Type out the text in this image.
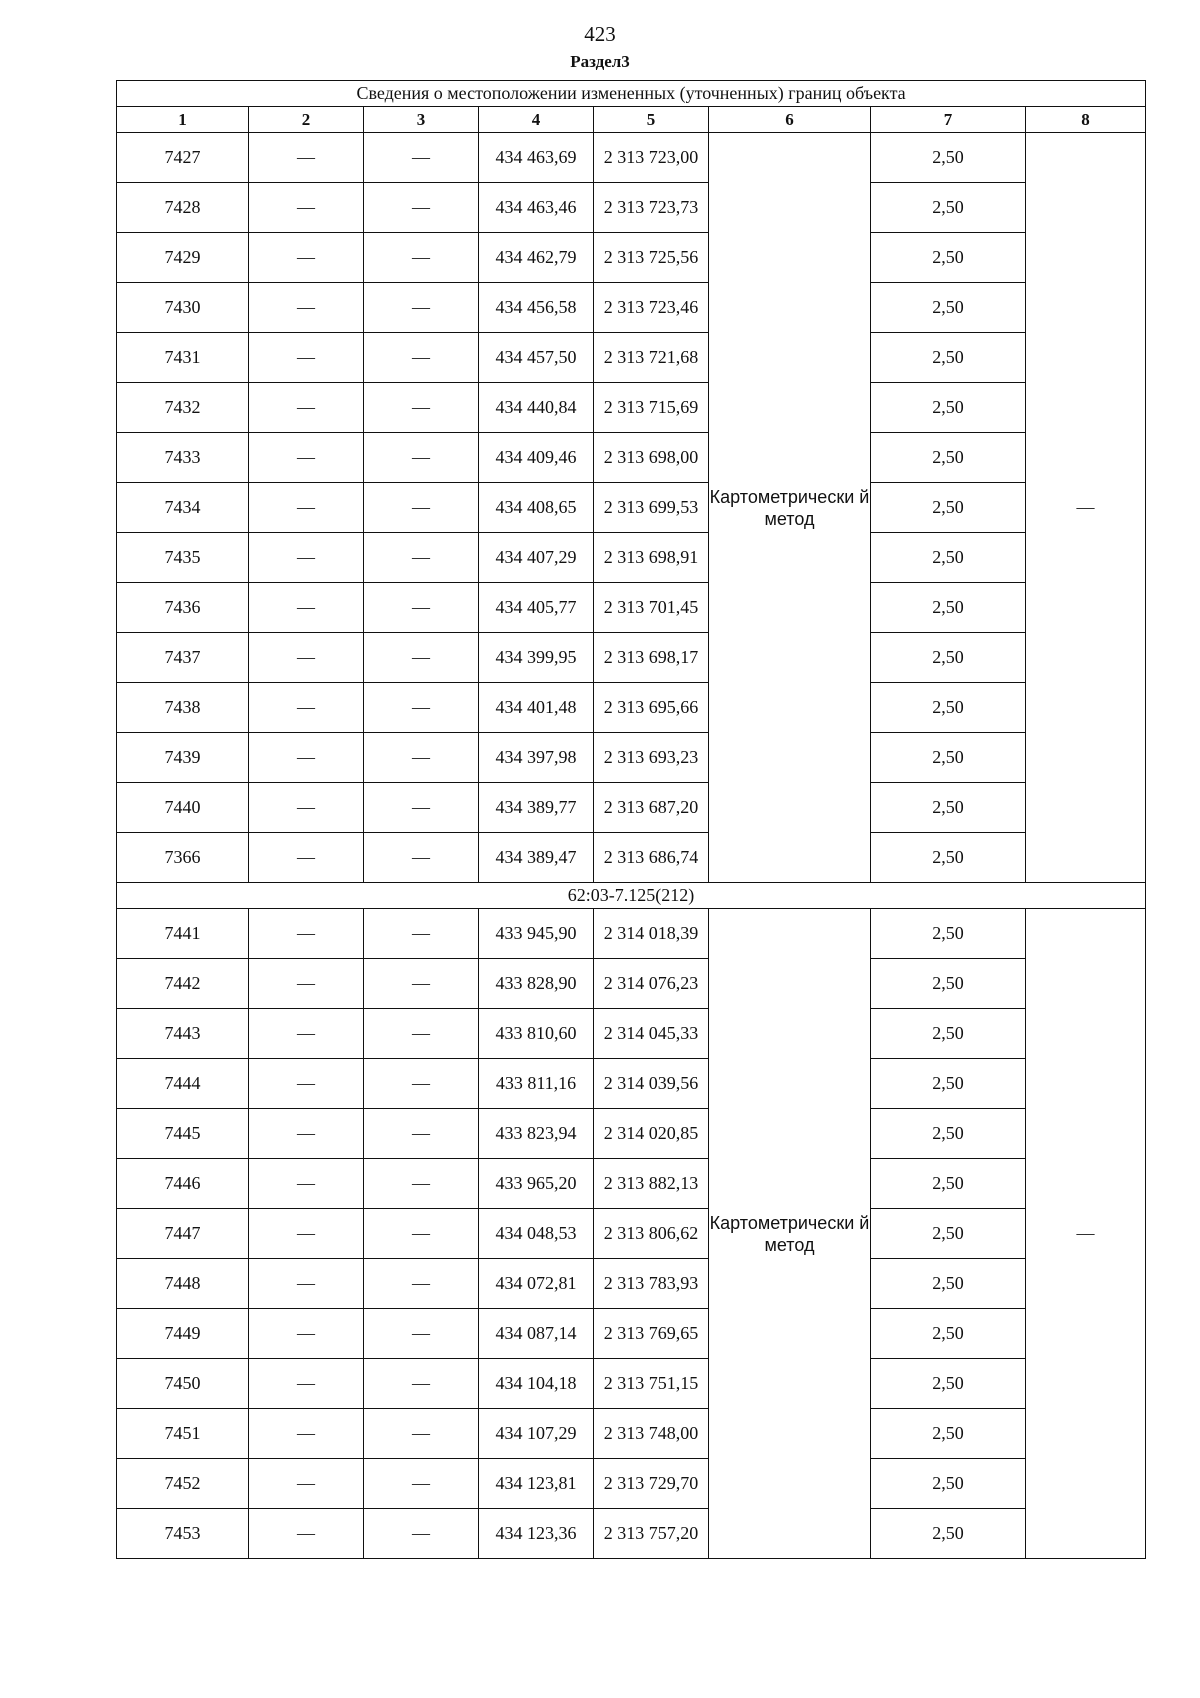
423
Раздел3
Сведения о местоположении измененных (уточненных) границ объекта							
1	2	3	4	5	6	7	8
7427	—	—	434 463,69	2 313 723,00	Картометрически й метод	2,50	—
7428	—	—	434 463,46	2 313 723,73		2,50	
7429	—	—	434 462,79	2 313 725,56		2,50	
7430	—	—	434 456,58	2 313 723,46		2,50	
7431	—	—	434 457,50	2 313 721,68		2,50	
7432	—	—	434 440,84	2 313 715,69		2,50	
7433	—	—	434 409,46	2 313 698,00		2,50	
7434	—	—	434 408,65	2 313 699,53		2,50	
7435	—	—	434 407,29	2 313 698,91		2,50	
7436	—	—	434 405,77	2 313 701,45		2,50	
7437	—	—	434 399,95	2 313 698,17		2,50	
7438	—	—	434 401,48	2 313 695,66		2,50	
7439	—	—	434 397,98	2 313 693,23		2,50	
7440	—	—	434 389,77	2 313 687,20		2,50	
7366	—	—	434 389,47	2 313 686,74		2,50	
62:03-7.125(212)							
7441	—	—	433 945,90	2 314 018,39	Картометрически й метод	2,50	—
7442	—	—	433 828,90	2 314 076,23		2,50	
7443	—	—	433 810,60	2 314 045,33		2,50	
7444	—	—	433 811,16	2 314 039,56		2,50	
7445	—	—	433 823,94	2 314 020,85		2,50	
7446	—	—	433 965,20	2 313 882,13		2,50	
7447	—	—	434 048,53	2 313 806,62		2,50	
7448	—	—	434 072,81	2 313 783,93		2,50	
7449	—	—	434 087,14	2 313 769,65		2,50	
7450	—	—	434 104,18	2 313 751,15		2,50	
7451	—	—	434 107,29	2 313 748,00		2,50	
7452	—	—	434 123,81	2 313 729,70		2,50	
7453	—	—	434 123,36	2 313 757,20		2,50	
